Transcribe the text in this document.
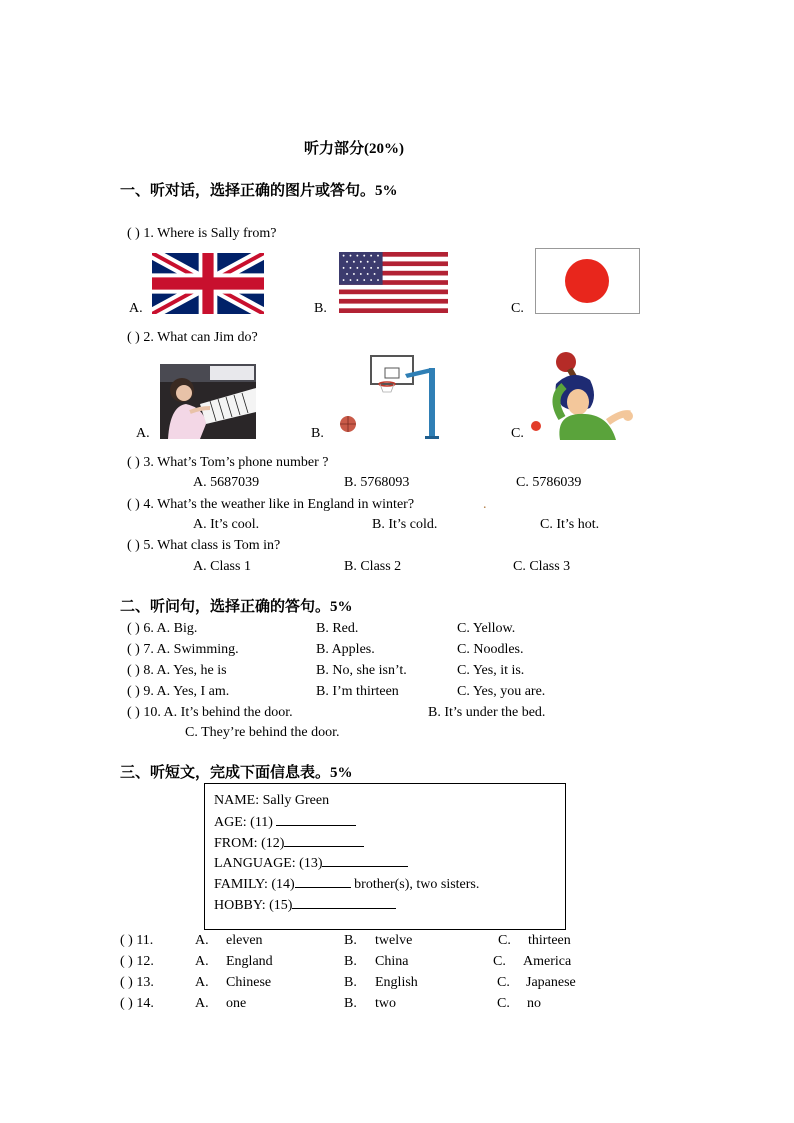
听力部分(20%)
一、听对话，选择正确的图片或答句。5%
( ) 1. Where is Sally from?
A.	B.	C.
( ) 2. What can Jim do?
A.	B.	C.
( ) 3. What’s Tom’s phone number ?
A. 5687039	B. 5768093	C. 5786039
( ) 4. What’s the weather like in England in winter?	.
A. It’s cool.	B. It’s cold.	C. It’s hot.
( ) 5. What class is Tom in?
A. Class 1	B. Class 2	C. Class 3
二、听问句，选择正确的答句。5%
( ) 6. A. Big.	B. Red.	C. Yellow.
( ) 7. A. Swimming.	B. Apples.	C. Noodles.
( ) 8. A. Yes, he is	B. No, she isn’t.	C. Yes, it is.
( ) 9. A. Yes, I am.	B. I’m thirteen	C. Yes, you are.
( ) 10. A. It’s behind the door.	B. It’s under the bed.
C. They’re behind the door.
三、听短文，完成下面信息表。5%
NAME: Sally Green
AGE: (11)
FROM: (12)
LANGUAGE: (13)
FAMILY: (14)	brother(s), two sisters.
HOBBY: (15)
( ) 11.	A. eleven	B. twelve	C. thirteen
( ) 12.	A. England	B. China	C. America
( ) 13.	A. Chinese	B. English	C. Japanese
( ) 14.	A. one	B. two	C. no
